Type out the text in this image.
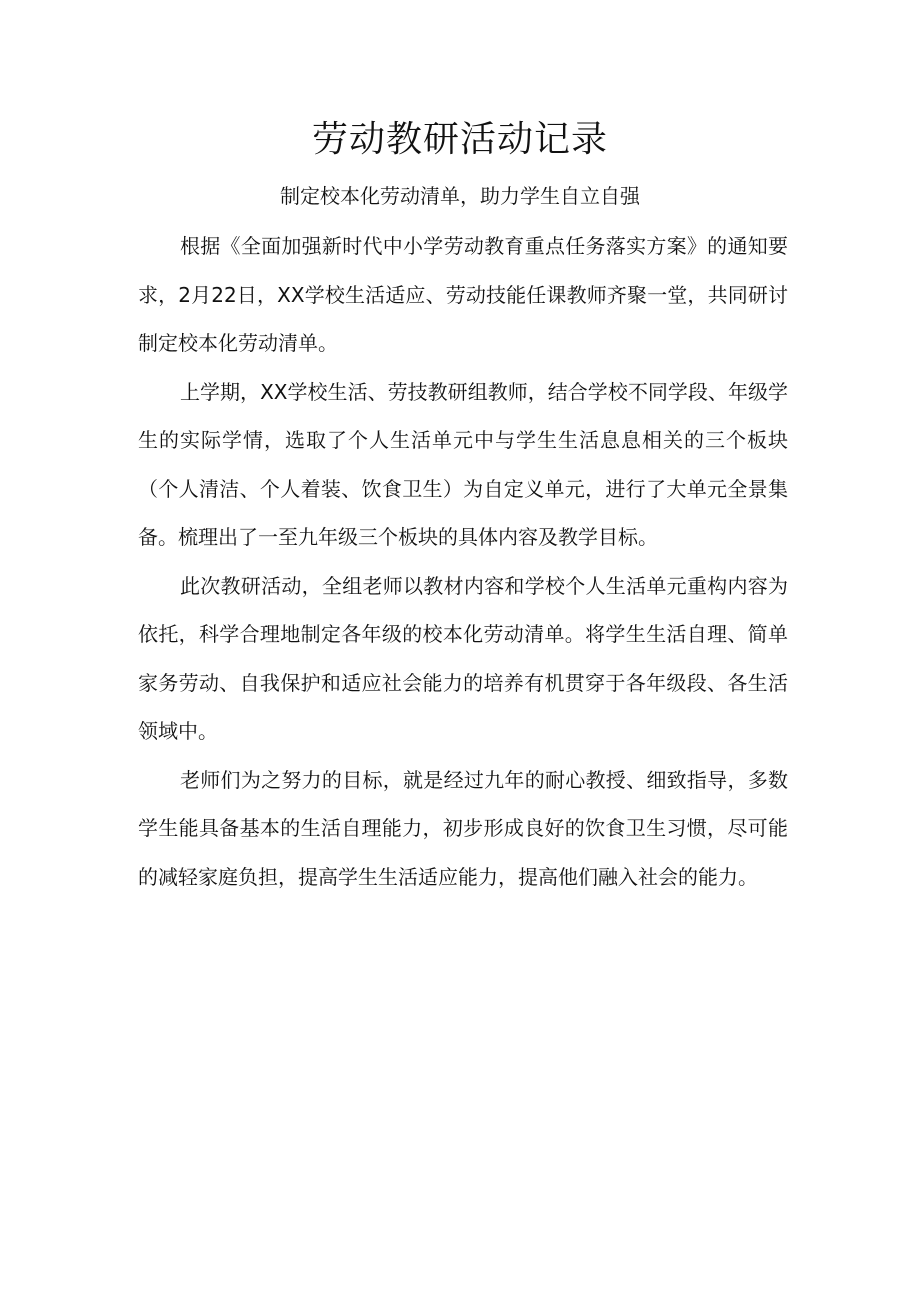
劳动教研活动记录
制定校本化劳动清单，助力学生自立自强

根据《全面加强新时代中小学劳动教育重点任务落实方案》的通知要求，2月22日，XX学校生活适应、劳动技能任课教师齐聚一堂，共同研讨制定校本化劳动清单。

上学期，XX学校生活、劳技教研组教师，结合学校不同学段、年级学生的实际学情，选取了个人生活单元中与学生生活息息相关的三个板块（个人清洁、个人着装、饮食卫生）为自定义单元，进行了大单元全景集备。梳理出了一至九年级三个板块的具体内容及教学目标。

此次教研活动，全组老师以教材内容和学校个人生活单元重构内容为依托，科学合理地制定各年级的校本化劳动清单。将学生生活自理、简单家务劳动、自我保护和适应社会能力的培养有机贯穿于各年级段、各生活领域中。

老师们为之努力的目标，就是经过九年的耐心教授、细致指导，多数学生能具备基本的生活自理能力，初步形成良好的饮食卫生习惯，尽可能的减轻家庭负担，提高学生生活适应能力，提高他们融入社会的能力。
